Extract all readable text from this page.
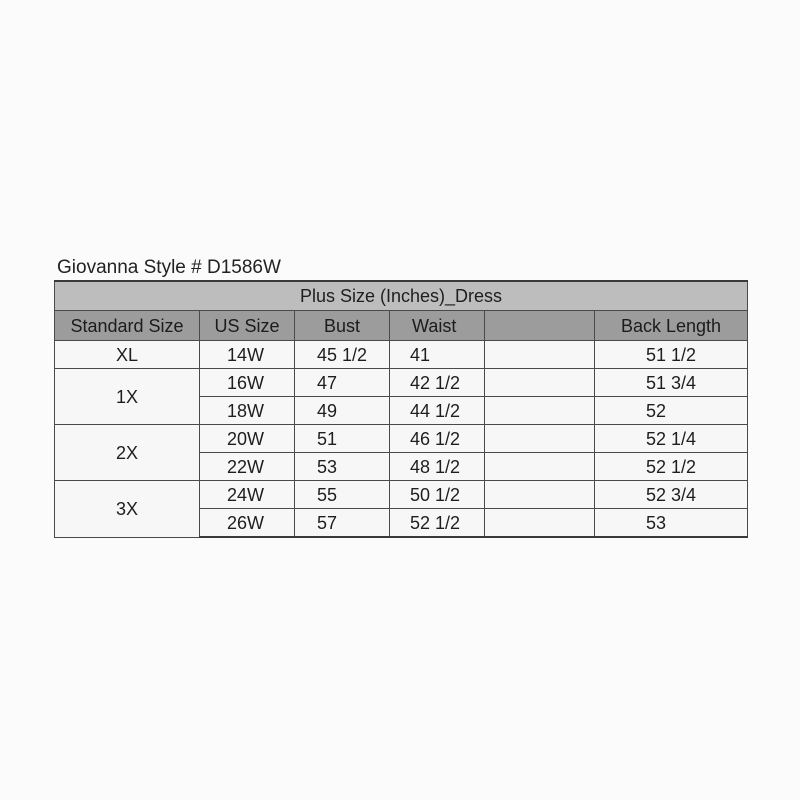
Giovanna Style # D1586W
Plus Size (Inches)_Dress					
Standard Size	US Size	Bust	Waist		Back Length
XL	14W	45 1/2	41		51 1/2
1X	16W	47	42 1/2		51 3/4
	18W	49	44 1/2		52
2X	20W	51	46 1/2		52 1/4
	22W	53	48 1/2		52 1/2
3X	24W	55	50 1/2		52 3/4
	26W	57	52 1/2		53
